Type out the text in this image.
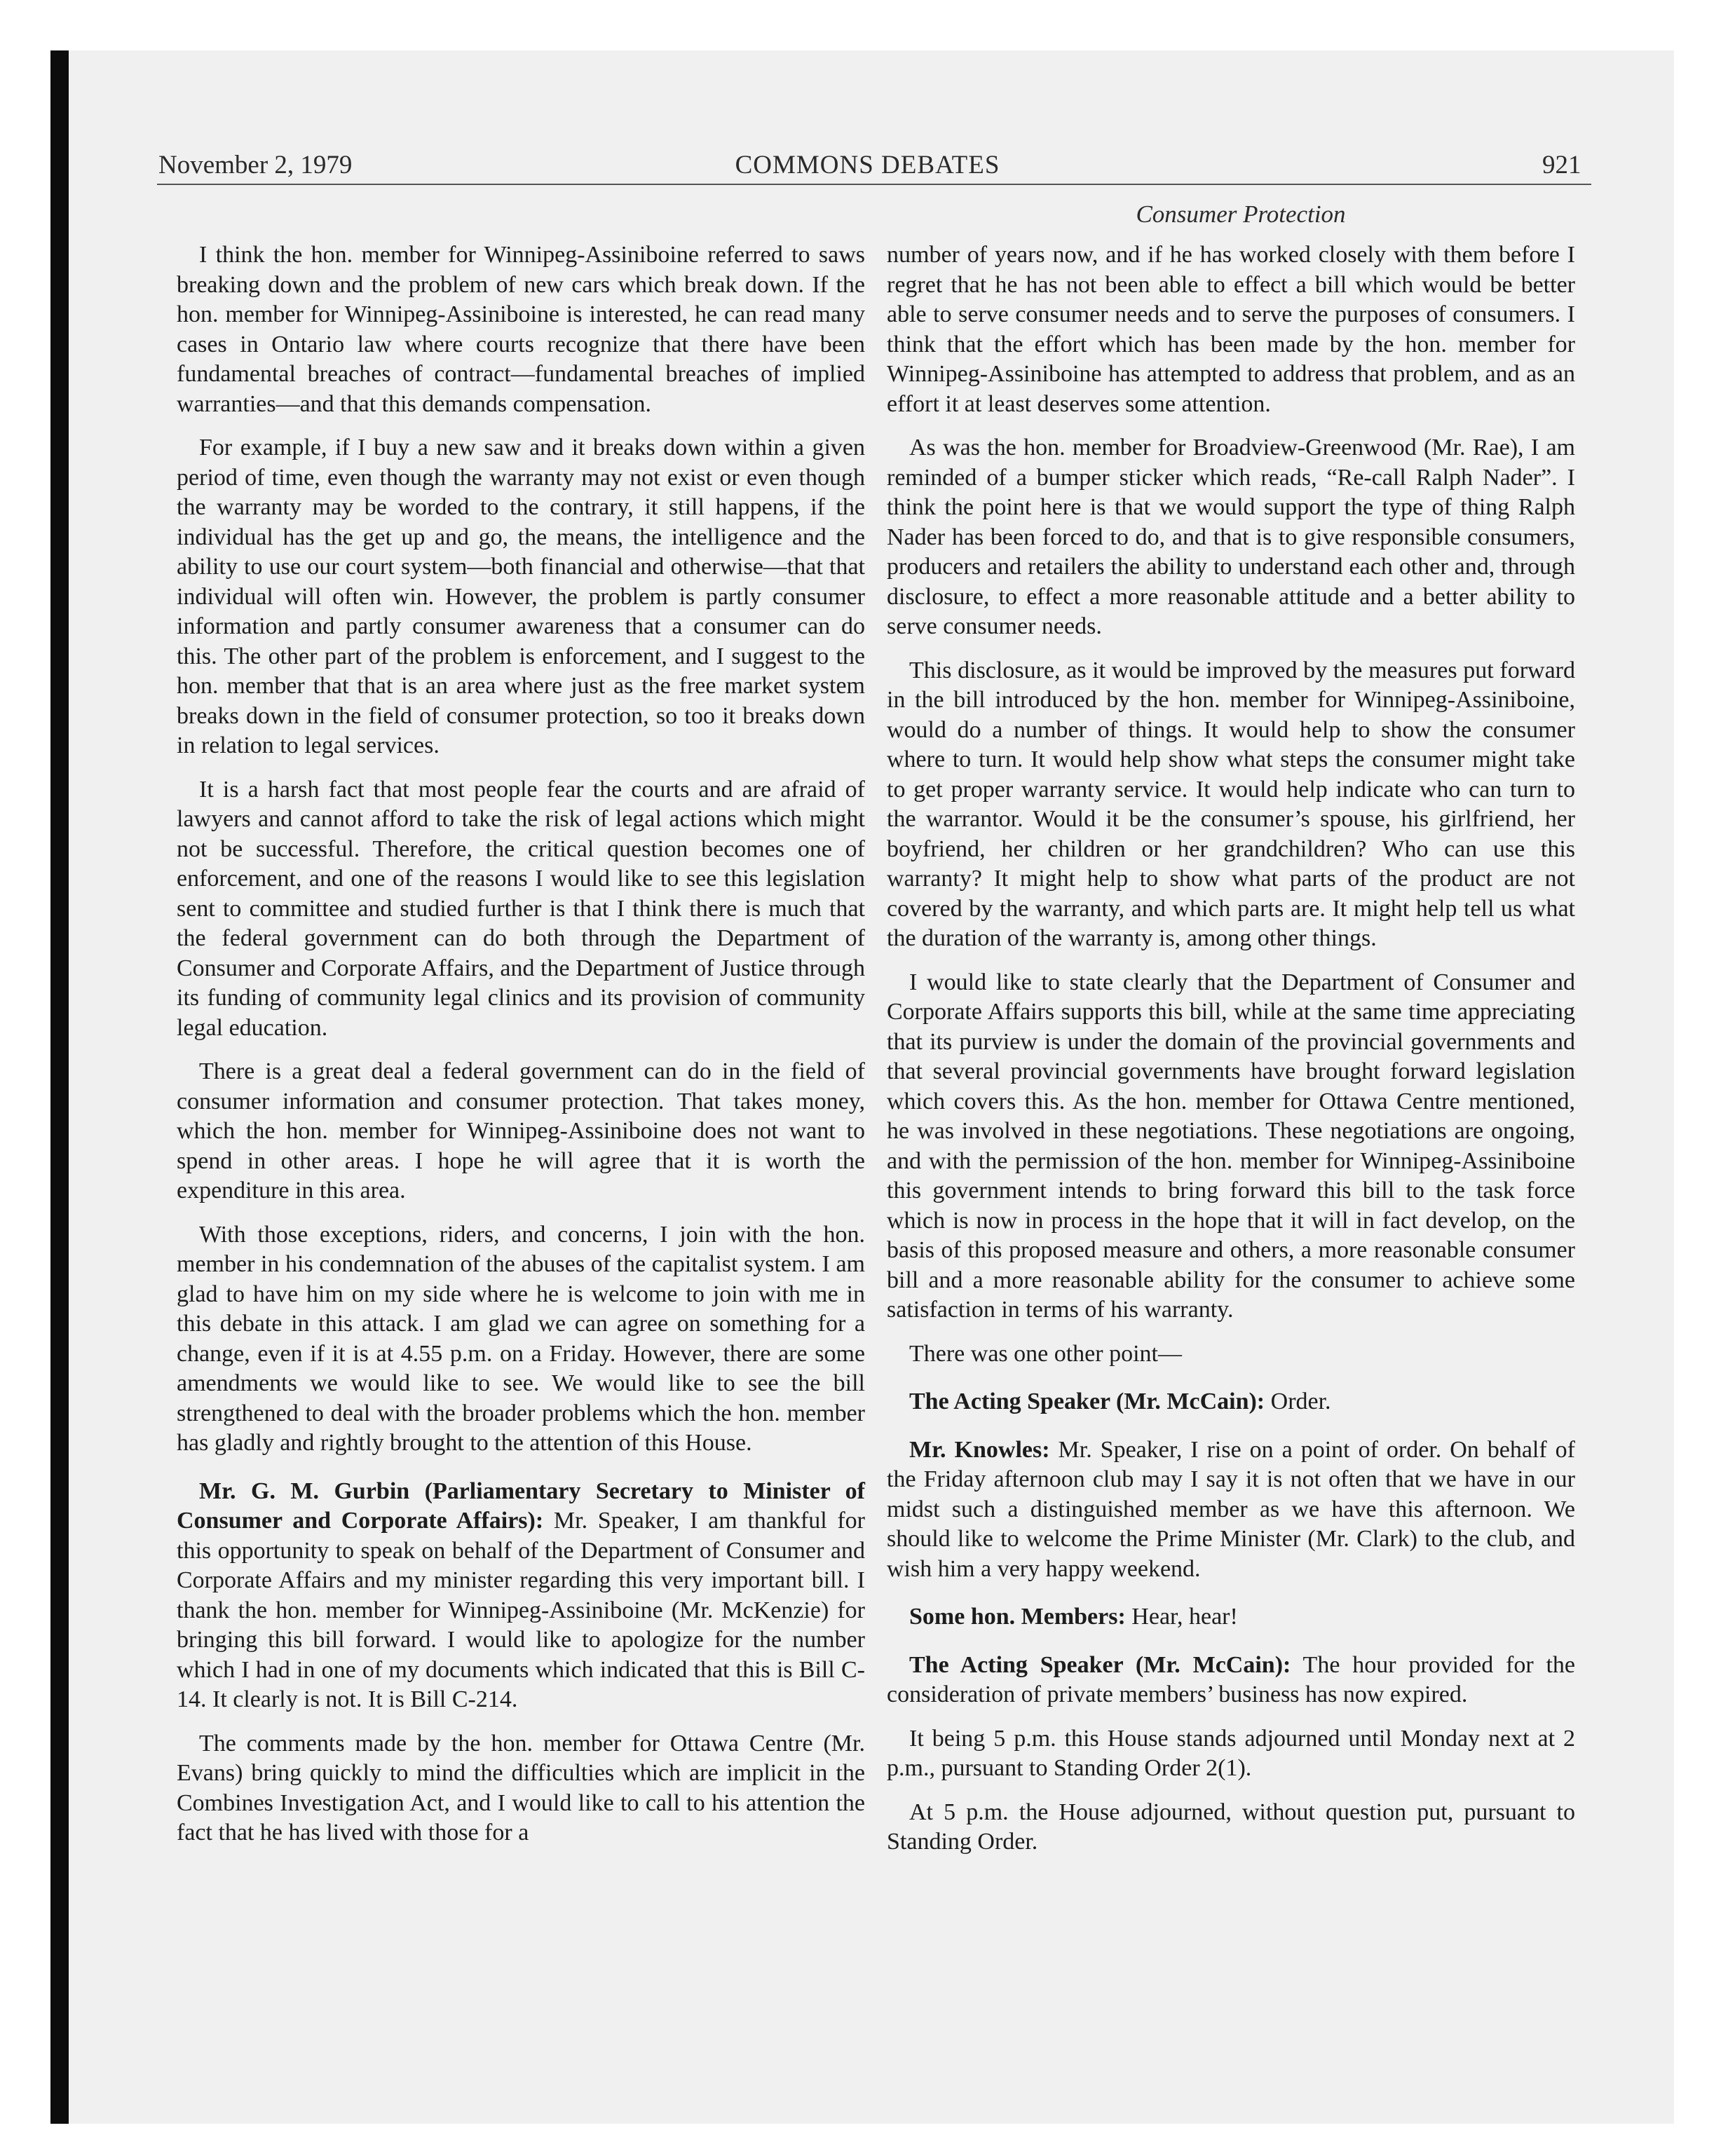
November 2, 1979	COMMONS DEBATES	921
Consumer Protection

I think the hon. member for Winnipeg-Assiniboine referred to saws breaking down and the problem of new cars which break down. If the hon. member for Winnipeg-Assiniboine is interested, he can read many cases in Ontario law where courts recognize that there have been fundamental breaches of contract—fundamental breaches of implied warranties—and that this demands compensation.

For example, if I buy a new saw and it breaks down within a given period of time, even though the warranty may not exist or even though the warranty may be worded to the contrary, it still happens, if the individual has the get up and go, the means, the intelligence and the ability to use our court system—both financial and otherwise—that that individual will often win. However, the problem is partly consumer information and partly consumer awareness that a consumer can do this. The other part of the problem is enforcement, and I suggest to the hon. member that that is an area where just as the free market system breaks down in the field of consumer protection, so too it breaks down in relation to legal services.

It is a harsh fact that most people fear the courts and are afraid of lawyers and cannot afford to take the risk of legal actions which might not be successful. Therefore, the critical question becomes one of enforcement, and one of the reasons I would like to see this legislation sent to committee and studied further is that I think there is much that the federal government can do both through the Department of Consumer and Corporate Affairs, and the Department of Justice through its funding of community legal clinics and its provision of community legal education.

There is a great deal a federal government can do in the field of consumer information and consumer protection. That takes money, which the hon. member for Winnipeg-Assiniboine does not want to spend in other areas. I hope he will agree that it is worth the expenditure in this area.

With those exceptions, riders, and concerns, I join with the hon. member in his condemnation of the abuses of the capitalist system. I am glad to have him on my side where he is welcome to join with me in this debate in this attack. I am glad we can agree on something for a change, even if it is at 4.55 p.m. on a Friday. However, there are some amendments we would like to see. We would like to see the bill strengthened to deal with the broader problems which the hon. member has gladly and rightly brought to the attention of this House.

Mr. G. M. Gurbin (Parliamentary Secretary to Minister of Consumer and Corporate Affairs): Mr. Speaker, I am thankful for this opportunity to speak on behalf of the Department of Consumer and Corporate Affairs and my minister regarding this very important bill. I thank the hon. member for Winnipeg-Assiniboine (Mr. McKenzie) for bringing this bill forward. I would like to apologize for the number which I had in one of my documents which indicated that this is Bill C-14. It clearly is not. It is Bill C-214.

The comments made by the hon. member for Ottawa Centre (Mr. Evans) bring quickly to mind the difficulties which are implicit in the Combines Investigation Act, and I would like to call to his attention the fact that he has lived with those for a

number of years now, and if he has worked closely with them before I regret that he has not been able to effect a bill which would be better able to serve consumer needs and to serve the purposes of consumers. I think that the effort which has been made by the hon. member for Winnipeg-Assiniboine has attempted to address that problem, and as an effort it at least deserves some attention.

As was the hon. member for Broadview-Greenwood (Mr. Rae), I am reminded of a bumper sticker which reads, “Re-call Ralph Nader”. I think the point here is that we would support the type of thing Ralph Nader has been forced to do, and that is to give responsible consumers, producers and retailers the ability to understand each other and, through disclosure, to effect a more reasonable attitude and a better ability to serve consumer needs.

This disclosure, as it would be improved by the measures put forward in the bill introduced by the hon. member for Winnipeg-Assiniboine, would do a number of things. It would help to show the consumer where to turn. It would help show what steps the consumer might take to get proper warranty service. It would help indicate who can turn to the warrantor. Would it be the consumer’s spouse, his girlfriend, her boyfriend, her children or her grandchildren? Who can use this warranty? It might help to show what parts of the product are not covered by the warranty, and which parts are. It might help tell us what the duration of the warranty is, among other things.

I would like to state clearly that the Department of Consumer and Corporate Affairs supports this bill, while at the same time appreciating that its purview is under the domain of the provincial governments and that several provincial governments have brought forward legislation which covers this. As the hon. member for Ottawa Centre mentioned, he was involved in these negotiations. These negotiations are ongoing, and with the permission of the hon. member for Winnipeg-Assiniboine this government intends to bring forward this bill to the task force which is now in process in the hope that it will in fact develop, on the basis of this proposed measure and others, a more reasonable consumer bill and a more reasonable ability for the consumer to achieve some satisfaction in terms of his warranty.

There was one other point—

The Acting Speaker (Mr. McCain): Order.

Mr. Knowles: Mr. Speaker, I rise on a point of order. On behalf of the Friday afternoon club may I say it is not often that we have in our midst such a distinguished member as we have this afternoon. We should like to welcome the Prime Minister (Mr. Clark) to the club, and wish him a very happy weekend.

Some hon. Members: Hear, hear!

The Acting Speaker (Mr. McCain): The hour provided for the consideration of private members’ business has now expired.

It being 5 p.m. this House stands adjourned until Monday next at 2 p.m., pursuant to Standing Order 2(1).

At 5 p.m. the House adjourned, without question put, pursuant to Standing Order.
